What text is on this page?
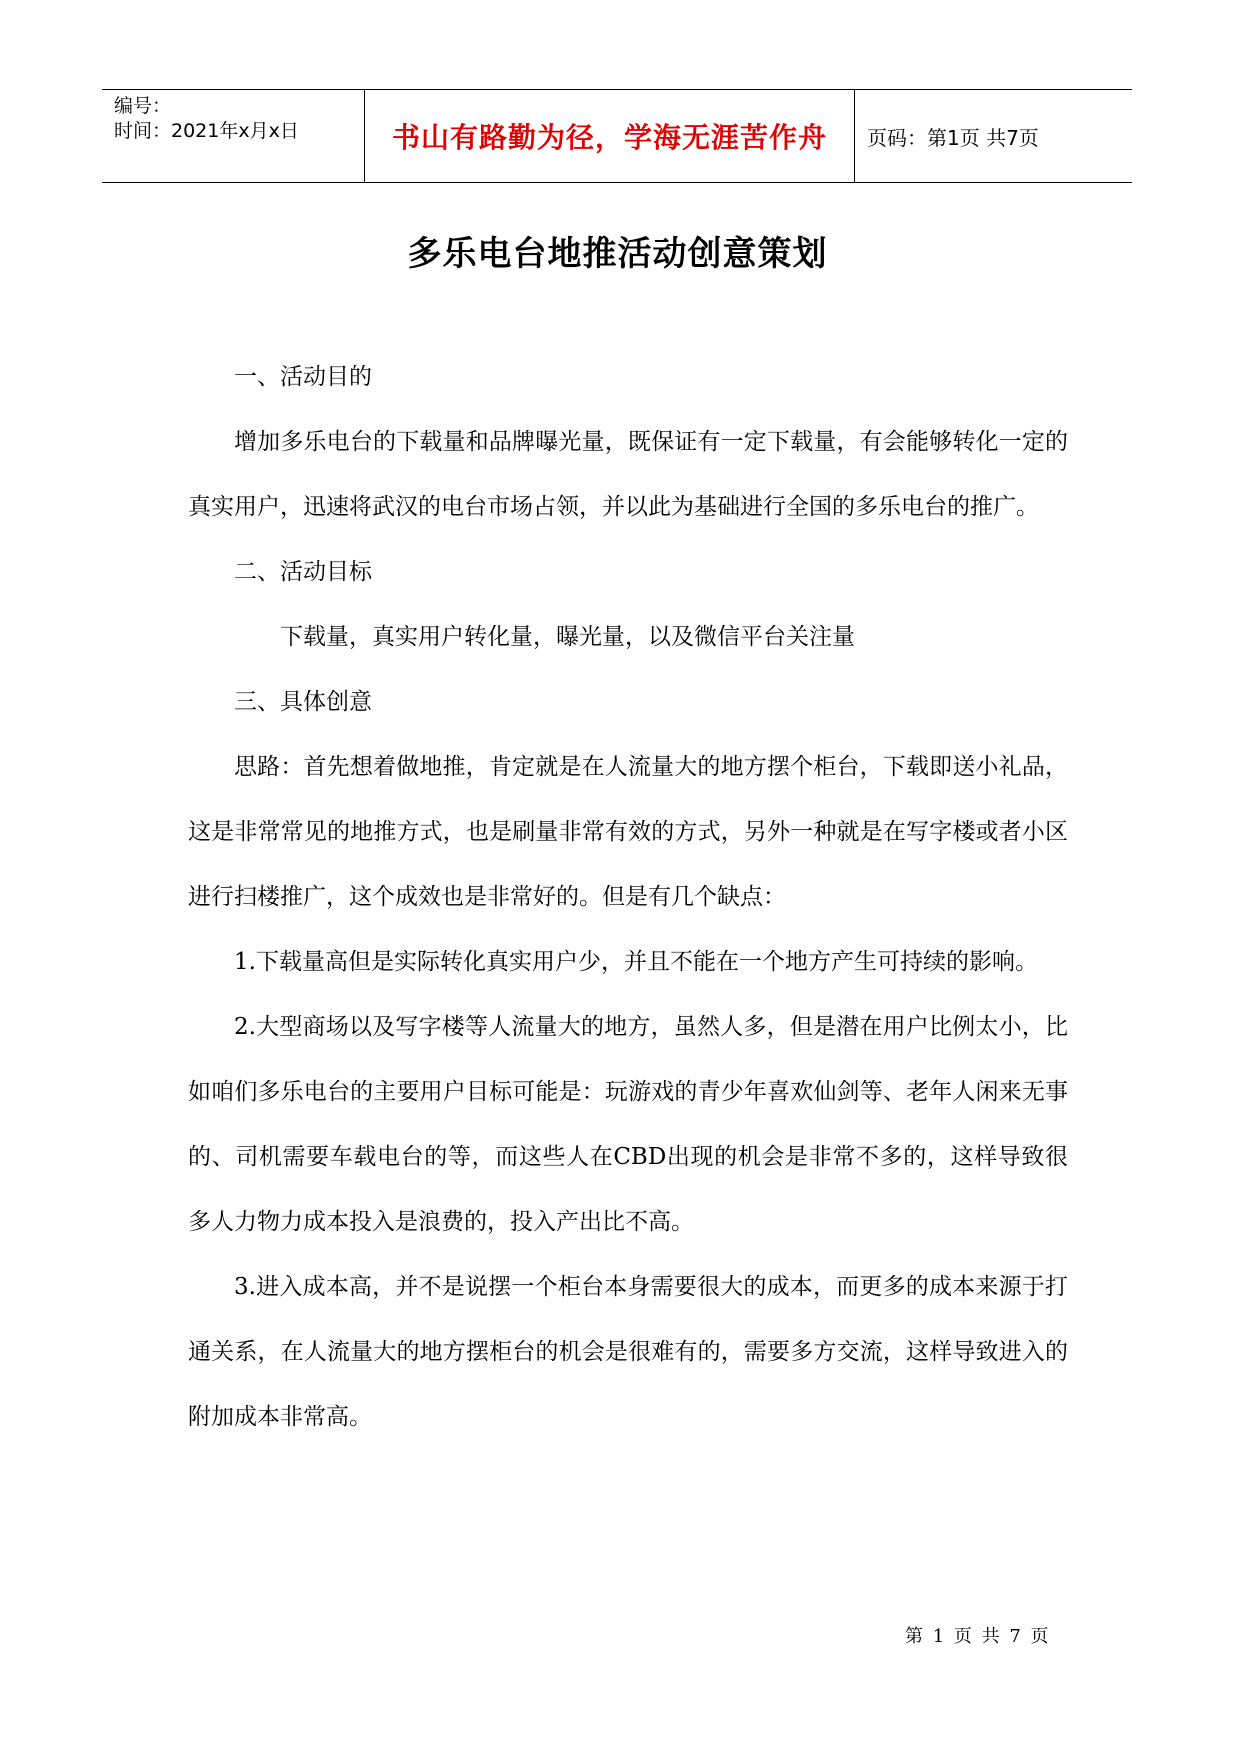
编号：
时间：2021年x月x日	书山有路勤为径，学海无涯苦作舟	页码：第1页 共7页
多乐电台地推活动创意策划

一、活动目的

增加多乐电台的下载量和品牌曝光量，既保证有一定下载量，有会能够转化一定的真实用户，迅速将武汉的电台市场占领，并以此为基础进行全国的多乐电台的推广。

二、活动目标

下载量，真实用户转化量，曝光量，以及微信平台关注量

三、具体创意

思路：首先想着做地推，肯定就是在人流量大的地方摆个柜台，下载即送小礼品，这是非常常见的地推方式，也是刷量非常有效的方式，另外一种就是在写字楼或者小区进行扫楼推广，这个成效也是非常好的。但是有几个缺点：

1.下载量高但是实际转化真实用户少，并且不能在一个地方产生可持续的影响。

2.大型商场以及写字楼等人流量大的地方，虽然人多，但是潜在用户比例太小，比如咱们多乐电台的主要用户目标可能是：玩游戏的青少年喜欢仙剑等、老年人闲来无事的、司机需要车载电台的等，而这些人在CBD出现的机会是非常不多的，这样导致很多人力物力成本投入是浪费的，投入产出比不高。

3.进入成本高，并不是说摆一个柜台本身需要很大的成本，而更多的成本来源于打通关系，在人流量大的地方摆柜台的机会是很难有的，需要多方交流，这样导致进入的附加成本非常高。

第 1 页 共 7 页
